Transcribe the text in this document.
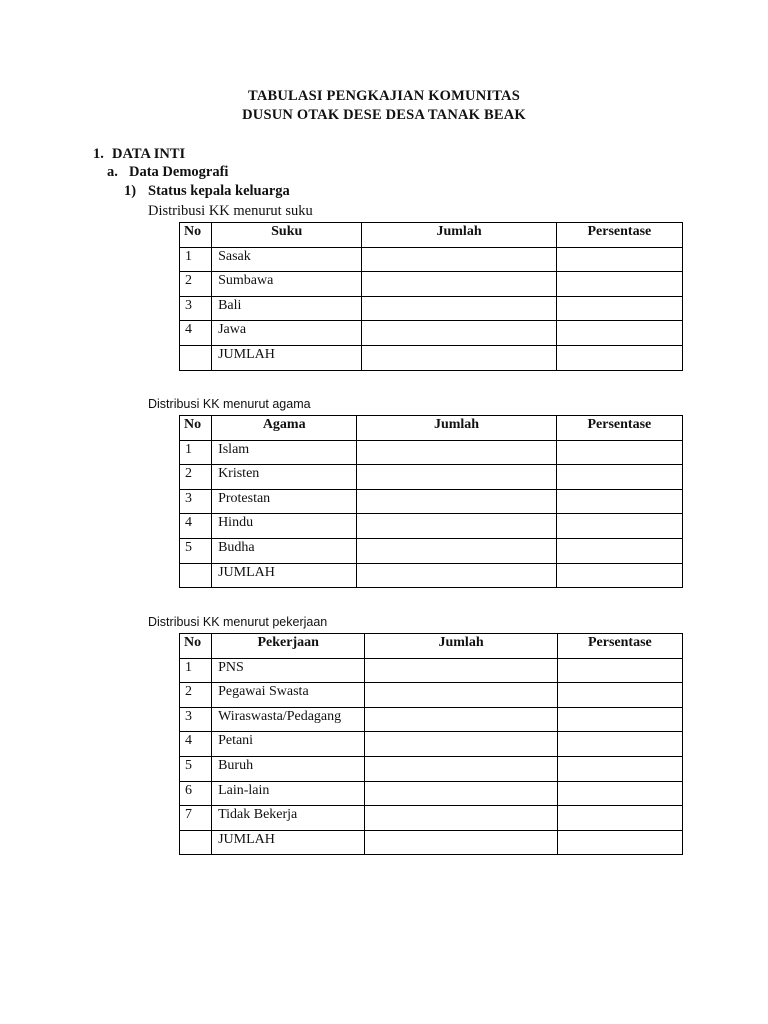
TABULASI PENGKAJIAN KOMUNITAS
DUSUN OTAK DESE DESA TANAK BEAK
1. DATA INTI
a. Data Demografi
1) Status kepala keluarga
Distribusi KK menurut suku
No	Suku	Jumlah	Persentase
1	Sasak		
2	Sumbawa		
3	Bali		
4	Jawa		
	JUMLAH		
Distribusi KK menurut agama
No	Agama	Jumlah	Persentase
1	Islam		
2	Kristen		
3	Protestan		
4	Hindu		
5	Budha		
	JUMLAH		
Distribusi KK menurut pekerjaan
No	Pekerjaan	Jumlah	Persentase
1	PNS		
2	Pegawai Swasta		
3	Wiraswasta/Pedagang		
4	Petani		
5	Buruh		
6	Lain-lain		
7	Tidak Bekerja		
	JUMLAH		
